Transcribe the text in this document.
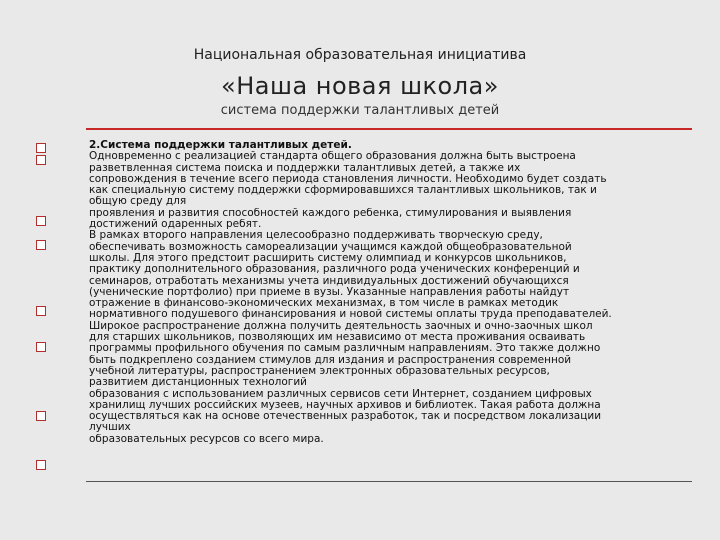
Национальная образовательная инициатива
«Наша новая школа»
система поддержки талантливых детей
2.Система поддержки талантливых детей.
Одновременно с реализацией стандарта общего образования должна быть выстроена
разветвленная система поиска и поддержки талантливых детей, а также их
сопровождения в течение всего периода становления личности. Необходимо будет создать
как специальную систему поддержки сформировавшихся талантливых школьников, так и
общую среду для
проявления и развития способностей каждого ребенка, стимулирования и выявления
достижений одаренных ребят.
В рамках второго направления целесообразно поддерживать творческую среду,
обеспечивать возможность самореализации учащимся каждой общеобразовательной
школы. Для этого предстоит расширить систему олимпиад и конкурсов школьников,
практику дополнительного образования, различного рода ученических конференций и
семинаров, отработать механизмы учета индивидуальных достижений обучающихся
(ученические портфолио) при приеме в вузы. Указанные направления работы найдут
отражение в финансово-экономических механизмах, в том числе в рамках методик
нормативного подушевого финансирования и новой системы оплаты труда преподавателей.
Широкое распространение должна получить деятельность заочных и очно-заочных школ
для старших школьников, позволяющих им независимо от места проживания осваивать
программы профильного обучения по самым различным направлениям. Это также должно
быть подкреплено созданием стимулов для издания и распространения современной
учебной литературы, распространением электронных образовательных ресурсов,
развитием дистанционных технологий
образования с использованием различных сервисов сети Интернет, созданием цифровых
хранилищ лучших российских музеев, научных архивов и библиотек. Такая работа должна
осуществляться как на основе отечественных разработок, так и посредством локализации
лучших
образовательных ресурсов со всего мира.
